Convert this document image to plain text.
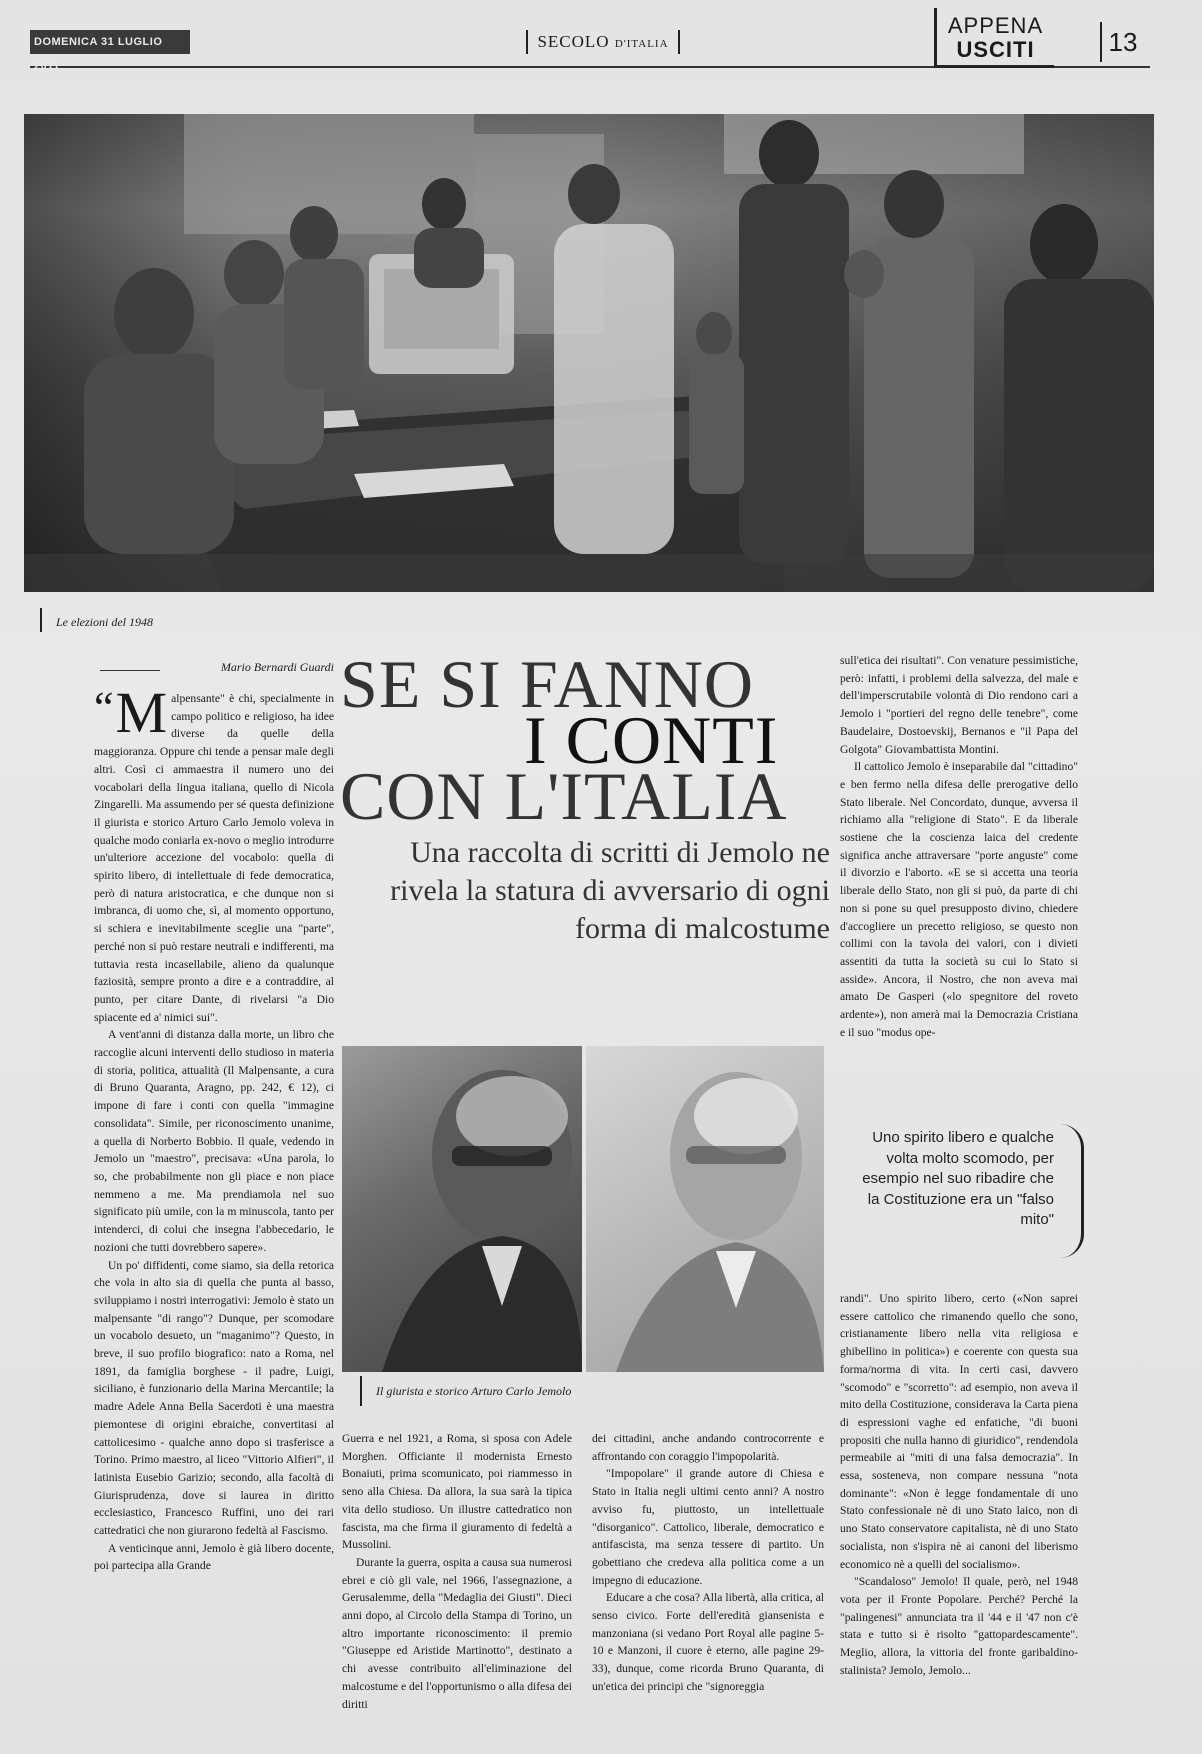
DOMENICA 31 LUGLIO 2011
SECOLO D'ITALIA
APPENA
USCITI	13
Le elezioni del 1948
Mario Bernardi Guardi

“ M alpensante" è chi, specialmente in campo politico e religioso, ha idee diverse da quelle della maggioranza. Oppure chi tende a pensar male degli altri. Così ci ammaestra il numero uno dei vocabolari della lingua italiana, quello di Nicola Zingarelli. Ma assumendo per sé questa definizione il giurista e storico Arturo Carlo Jemolo voleva in qualche modo coniarla ex-novo o meglio introdurre un'ulteriore accezione del vocabolo: quella di spirito libero, di intellettuale di fede democratica, però di natura aristocratica, e che dunque non si imbranca, di uomo che, sì, al momento opportuno, si schiera e inevitabilmente sceglie una "parte", perché non si può restare neutrali e indifferenti, ma tuttavia resta incasellabile, alieno da qualunque faziosità, sempre pronto a dire e a contraddire, al punto, per citare Dante, di rivelarsi "a Dio spiacente ed a' nimici sui".

A vent'anni di distanza dalla morte, un libro che raccoglie alcuni interventi dello studioso in materia di storia, politica, attualità (Il Malpensante, a cura di Bruno Quaranta, Aragno, pp. 242, € 12), ci impone di fare i conti con quella "immagine consolidata". Simile, per riconoscimento unanime, a quella di Norberto Bobbio. Il quale, vedendo in Jemolo un "maestro", precisava: «Una parola, lo so, che probabilmente non gli piace e non piace nemmeno a me. Ma prendiamola nel suo significato più umile, con la m minuscola, tanto per intenderci, di colui che insegna l'abbecedario, le nozioni che tutti dovrebbero sapere».

Un po' diffidenti, come siamo, sia della retorica che vola in alto sia di quella che punta al basso, sviluppiamo i nostri interrogativi: Jemolo è stato un malpensante "di rango"? Dunque, per scomodare un vocabolo desueto, un "maganimo"? Questo, in breve, il suo profilo biografico: nato a Roma, nel 1891, da famiglia borghese - il padre, Luigi, siciliano, è funzionario della Marina Mercantile; la madre Adele Anna Bella Sacerdoti è una maestra piemontese di origini ebraiche, convertitasi al cattolicesimo - qualche anno dopo si trasferisce a Torino. Primo maestro, al liceo "Vittorio Alfieri", il latinista Eusebio Garizio; secondo, alla facoltà di Giurisprudenza, dove si laurea in diritto ecclesiastico, Francesco Ruffini, uno dei rari cattedratici che non giurarono fedeltà al Fascismo.

A venticinque anni, Jemolo è già libero docente, poi partecipa alla Grande

SE SI FANNO
I CONTI
CON L'ITALIA
Una raccolta di scritti di Jemolo ne rivela la statura di avversario di ogni forma di malcostume
Il giurista e storico Arturo Carlo Jemolo

Guerra e nel 1921, a Roma, si sposa con Adele Morghen. Officiante il modernista Ernesto Bonaiuti, prima scomunicato, poi riammesso in seno alla Chiesa. Da allora, la sua sarà la tipica vita dello studioso. Un illustre cattedratico non fascista, ma che firma il giuramento di fedeltà a Mussolini.

Durante la guerra, ospita a causa sua numerosi ebrei e ciò gli vale, nel 1966, l'assegnazione, a Gerusalemme, della "Medaglia dei Giusti". Dieci anni dopo, al Circolo della Stampa di Torino, un altro importante riconoscimento: il premio "Giuseppe ed Aristide Martinotto", destinato a chi avesse contribuito all'eliminazione del malcostume e del l'opportunismo o alla difesa dei diritti

dei cittadini, anche andando controcorrente e affrontando con coraggio l'impopolarità.

"Impopolare" il grande autore di Chiesa e Stato in Italia negli ultimi cento anni? A nostro avviso fu, piuttosto, un intellettuale "disorganico". Cattolico, liberale, democratico e antifascista, ma senza tessere di partito. Un gobettiano che credeva alla politica come a un impegno di educazione.

Educare a che cosa? Alla libertà, alla critica, al senso civico. Forte dell'eredità giansenista e manzoniana (si vedano Port Royal alle pagine 5-10 e Manzoni, il cuore è eterno, alle pagine 29-33), dunque, come ricorda Bruno Quaranta, di un'etica dei principi che "signoreggia

sull'etica dei risultati". Con venature pessimistiche, però: infatti, i problemi della salvezza, del male e dell'imperscrutabile volontà di Dio rendono cari a Jemolo i "portieri del regno delle tenebre", come Baudelaire, Dostoevskij, Bernanos e "il Papa del Golgota" Giovambattista Montini.

Il cattolico Jemolo è inseparabile dal "cittadino" e ben fermo nella difesa delle prerogative dello Stato liberale. Nel Concordato, dunque, avversa il richiamo alla "religione di Stato". E da liberale sostiene che la coscienza laica del credente significa anche attraversare "porte anguste" come il divorzio e l'aborto. «E se si accetta una teoria liberale dello Stato, non gli si può, da parte di chi non si pone su quel presupposto divino, chiedere d'accogliere un precetto religioso, se questo non collimi con la tavola dei valori, con i divieti assentiti da tutta la società su cui lo Stato si asside». Ancora, il Nostro, che non aveva mai amato De Gasperi («lo spegnitore del roveto ardente»), non amerà mai la Democrazia Cristiana e il suo "modus ope-

Uno spirito libero e qualche volta molto scomodo, per esempio nel suo ribadire che la Costituzione era un "falso mito"

randi". Uno spirito libero, certo («Non saprei essere cattolico che rimanendo quello che sono, cristianamente libero nella vita religiosa e ghibellino in politica») e coerente con questa sua forma/norma di vita. In certi casi, davvero "scomodo" e "scorretto": ad esempio, non aveva il mito della Costituzione, considerava la Carta piena di espressioni vaghe ed enfatiche, "di buoni propositi che nulla hanno di giuridico", rendendola permeabile ai "miti di una falsa democrazia". In essa, sosteneva, non compare nessuna "nota dominante": «Non è legge fondamentale di uno Stato confessionale nè di uno Stato laico, non di uno Stato conservatore capitalista, nè di uno Stato socialista, non s'ispira nè ai canoni del liberismo economico nè a quelli del socialismo».

"Scandaloso" Jemolo! Il quale, però, nel 1948 vota per il Fronte Popolare. Perché? Perché la "palingenesi" annunciata tra il '44 e il '47 non c'è stata e tutto si è risolto "gattopardescamente". Meglio, allora, la vittoria del fronte garibaldino-stalinista? Jemolo, Jemolo...
